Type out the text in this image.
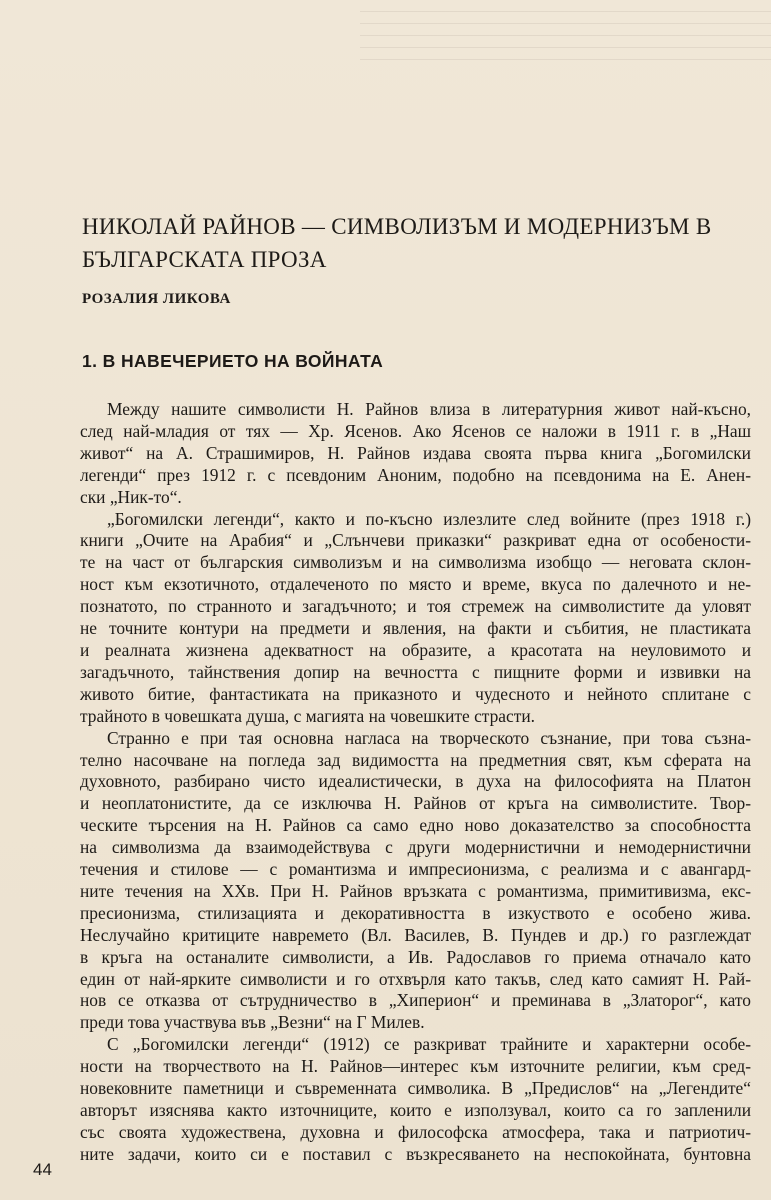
НИКОЛАЙ РАЙНОВ — СИМВОЛИЗЪМ И МОДЕРНИЗЪМ В БЪЛГАРСКАТА ПРОЗА

РОЗАЛИЯ ЛИКОВА

1. В НАВЕЧЕРИЕТО НА ВОЙНАТА
Между нашите символисти Н. Райнов влиза в литературния живот най-късно,
след най-младия от тях — Хр. Ясенов. Ако Ясенов се наложи в 1911 г. в „Наш
живот“ на А. Страшимиров, Н. Райнов издава своята първа книга „Богомилски
легенди“ през 1912 г. с псевдоним Аноним, подобно на псевдонима на Е. Анен-
ски „Ник-то“.
„Богомилски легенди“, както и по-късно излезлите след войните (през 1918 г.)
книги „Очите на Арабия“ и „Слънчеви приказки“ разкриват една от особености-
те на част от българския символизъм и на символизма изобщо — неговата склон-
ност към екзотичното, отдалеченото по място и време, вкуса по далечното и не-
познатото, по странното и загадъчното; и тоя стремеж на символистите да уловят
не точните контури на предмети и явления, на факти и събития, не пластиката
и реалната жизнена адекватност на образите, а красотата на неуловимото и
загадъчното, тайнствения допир на вечността с пищните форми и извивки на
живото битие, фантастиката на приказното и чудесното и нейното сплитане с
трайното в човешката душа, с магията на човешките страсти.
Странно е при тая основна нагласа на творческото съзнание, при това съзна-
телно насочване на погледа зад видимостта на предметния свят, към сферата на
духовното, разбирано чисто идеалистически, в духа на философията на Платон
и неоплатонистите, да се изключва Н. Райнов от кръга на символистите. Твор-
ческите търсения на Н. Райнов са само едно ново доказателство за способността
на символизма да взаимодействува с други модернистични и немодернистични
течения и стилове — с романтизма и импресионизма, с реализма и с авангард-
ните течения на XXв. При Н. Райнов връзката с романтизма, примитивизма, екс-
пресионизма, стилизацията и декоративността в изкуството е особено жива.
Неслучайно критиците навремето (Вл. Василев, В. Пундев и др.) го разглеждат
в кръга на останалите символисти, а Ив. Радославов го приема отначало като
един от най-ярките символисти и го отхвърля като такъв, след като самият Н. Рай-
нов се отказва от сътрудничество в „Хиперион“ и преминава в „Златорог“, като
преди това участвува във „Везни“ на Г Милев.
С „Богомилски легенди“ (1912) се разкриват трайните и характерни особе-
ности на творчеството на Н. Райнов—интерес към източните религии, към сред-
новековните паметници и съвременната символика. В „Предислов“ на „Легендите“
авторът изяснява както източниците, които е използувал, които са го запленили
със своята художествена, духовна и философска атмосфера, така и патриотич-
ните задачи, които си е поставил с възкресяването на неспокойната, бунтовна
44
